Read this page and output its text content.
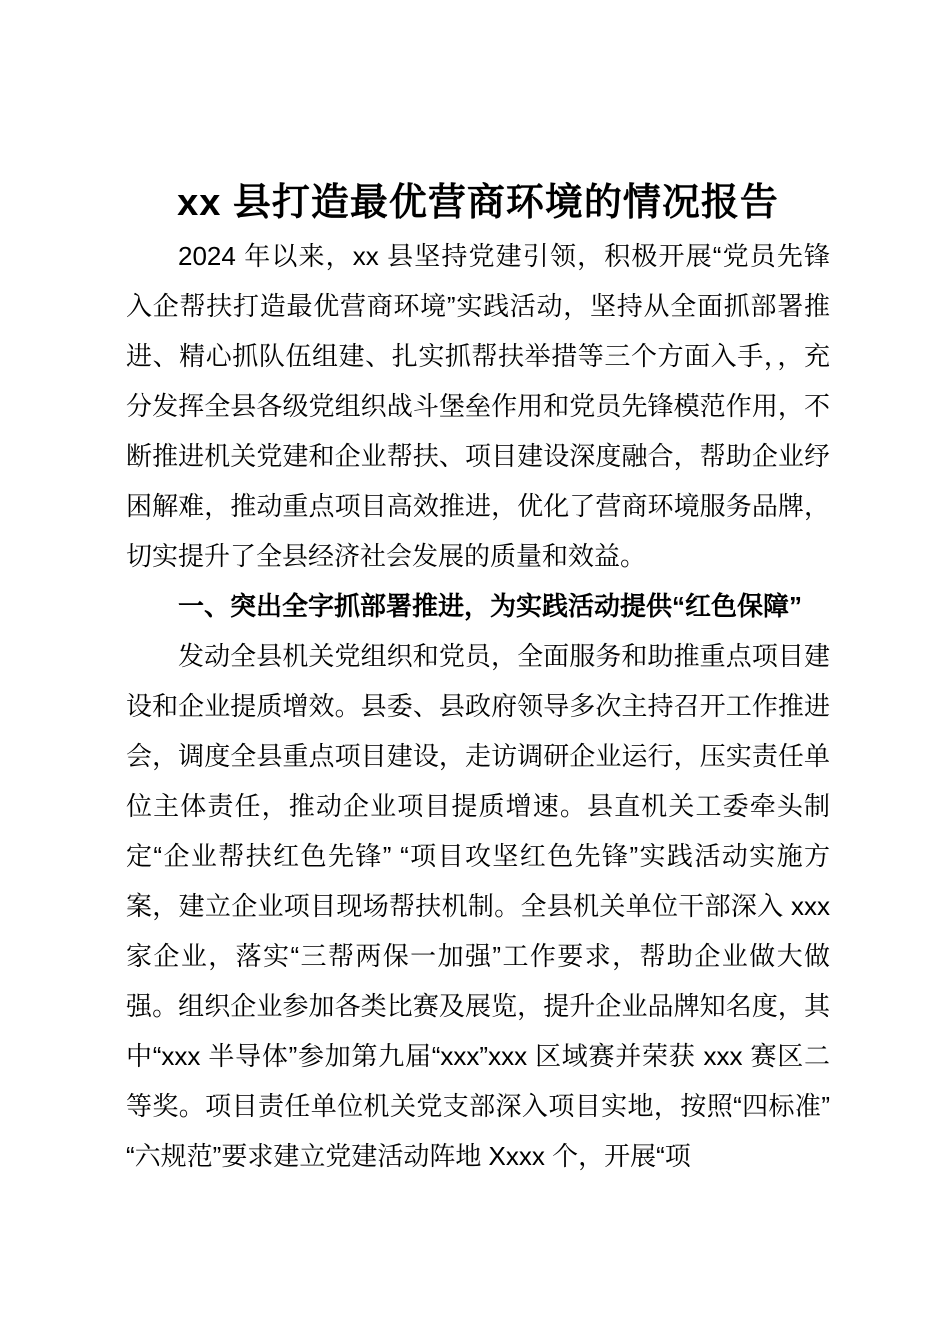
xx 县打造最优营商环境的情况报告

2024 年以来，xx 县坚持党建引领，积极开展“党员先锋入企帮扶打造最优营商环境”实践活动，坚持从全面抓部署推进、精心抓队伍组建、扎实抓帮扶举措等三个方面入手，，充分发挥全县各级党组织战斗堡垒作用和党员先锋模范作用，不断推进机关党建和企业帮扶、项目建设深度融合，帮助企业纾困解难，推动重点项目高效推进，优化了营商环境服务品牌，切实提升了全县经济社会发展的质量和效益。

一、突出全字抓部署推进，为实践活动提供“红色保障”

发动全县机关党组织和党员，全面服务和助推重点项目建设和企业提质增效。县委、县政府领导多次主持召开工作推进会，调度全县重点项目建设，走访调研企业运行，压实责任单位主体责任，推动企业项目提质增速。县直机关工委牵头制定“企业帮扶红色先锋” “项目攻坚红色先锋”实践活动实施方案，建立企业项目现场帮扶机制。全县机关单位干部深入 xxx 家企业，落实“三帮两保一加强”工作要求，帮助企业做大做强。组织企业参加各类比赛及展览，提升企业品牌知名度，其中“xxx 半导体”参加第九届“xxx”xxx 区域赛并荣获 xxx 赛区二等奖。项目责任单位机关党支部深入项目实地，按照“四标准” “六规范”要求建立党建活动阵地 Xxxx 个，开展“项
